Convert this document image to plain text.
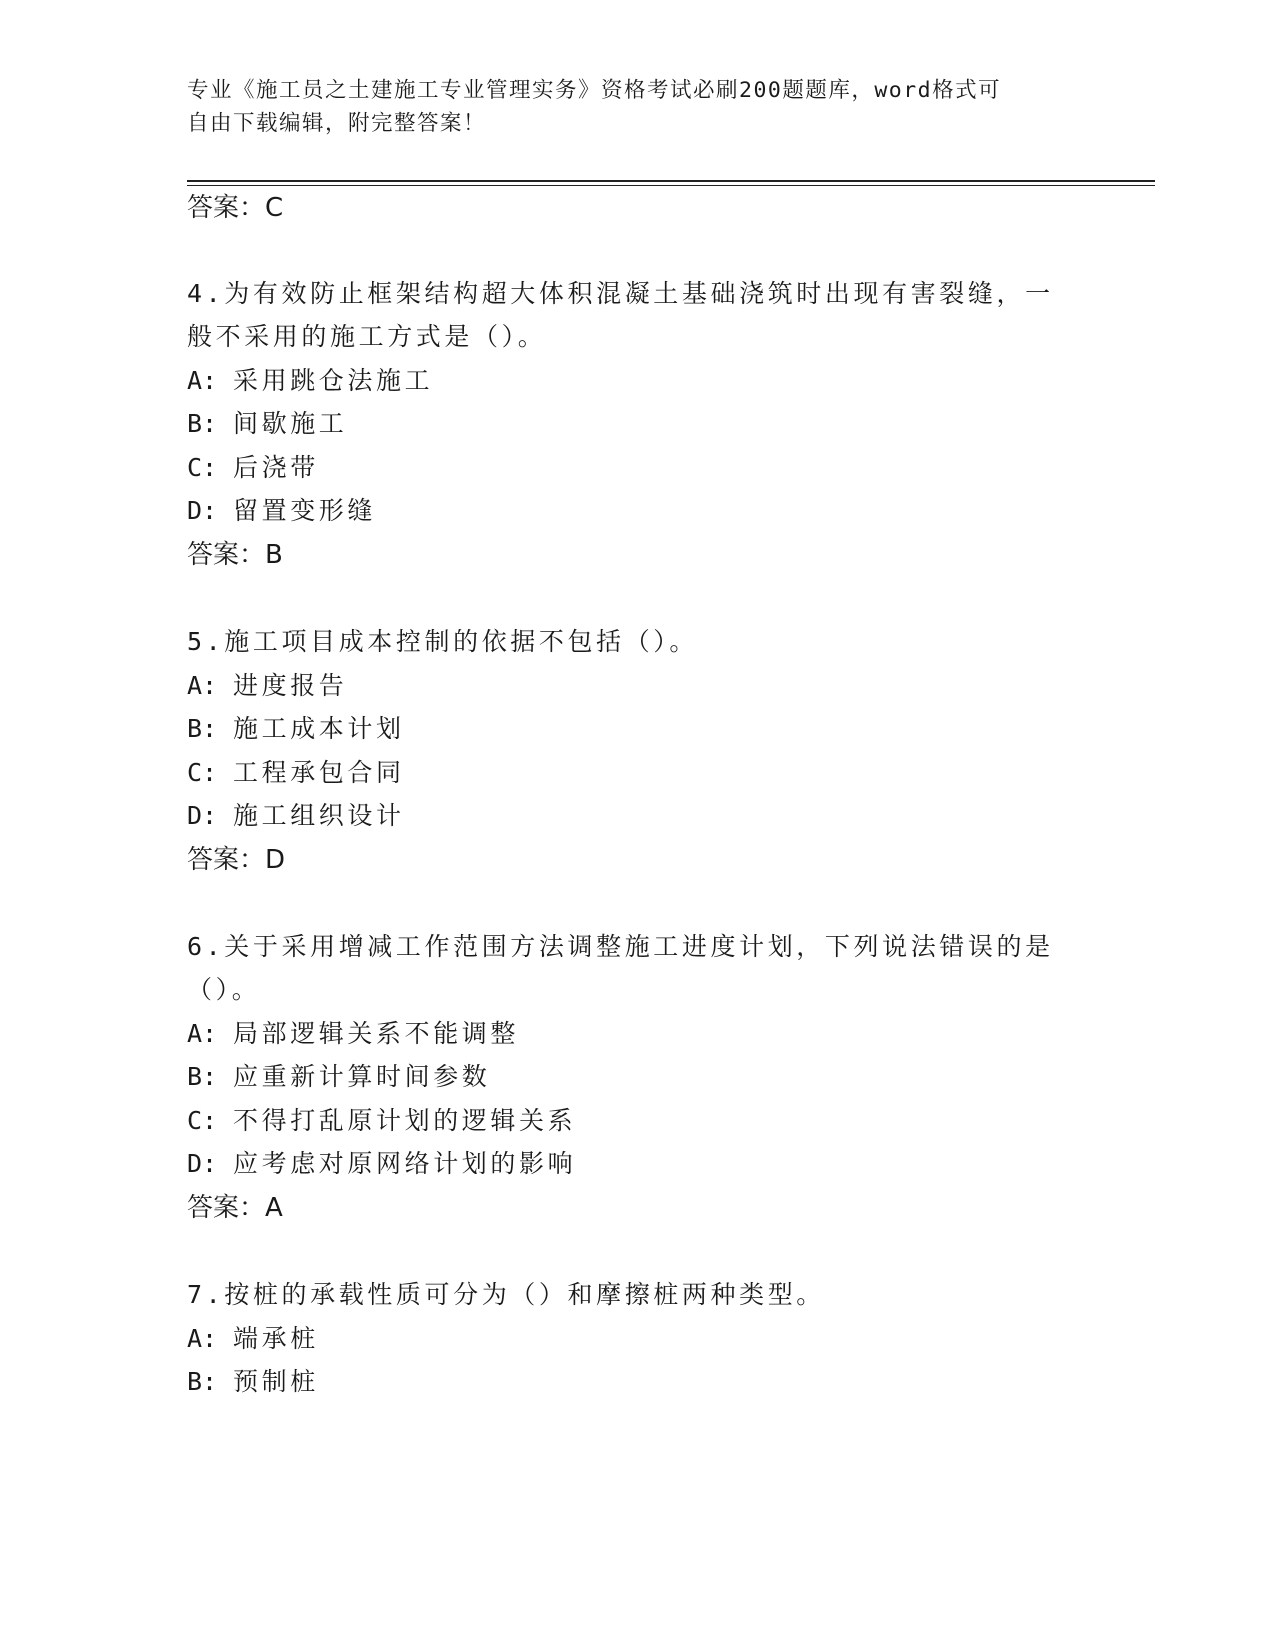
专业《施工员之土建施工专业管理实务》资格考试必刷200题题库，word格式可
自由下载编辑，附完整答案！
答案：C
4.为有效防止框架结构超大体积混凝土基础浇筑时出现有害裂缝，一
般不采用的施工方式是（）。
A: 采用跳仓法施工
B: 间歇施工
C: 后浇带
D: 留置变形缝
答案：B
5.施工项目成本控制的依据不包括（）。
A: 进度报告
B: 施工成本计划
C: 工程承包合同
D: 施工组织设计
答案：D
6.关于采用增减工作范围方法调整施工进度计划，下列说法错误的是
（）。
A: 局部逻辑关系不能调整
B: 应重新计算时间参数
C: 不得打乱原计划的逻辑关系
D: 应考虑对原网络计划的影响
答案：A
7.按桩的承载性质可分为（）和摩擦桩两种类型。
A: 端承桩
B: 预制桩
